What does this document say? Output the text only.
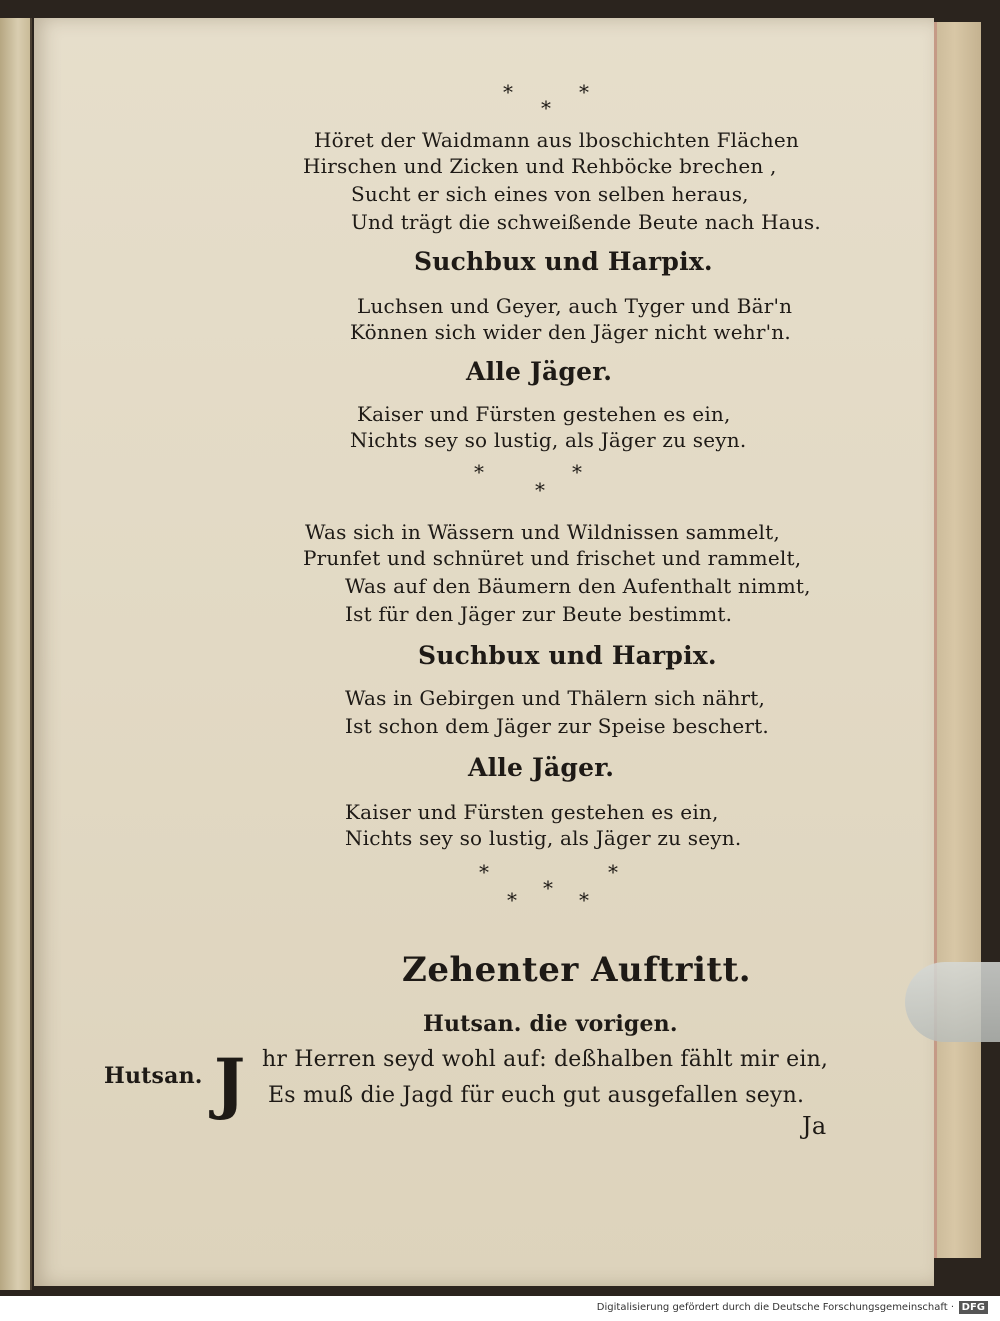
*	*
*
Höret der Waidmann aus lboschichten Flächen
Hirschen und Zicken und Rehböcke brechen ,
Sucht er sich eines von selben heraus,
Und trägt die schweißende Beute nach Haus.
Suchbux und Harpix.
Luchsen und Geyer, auch Tyger und Bär'n
Können sich wider den Jäger nicht wehr'n.
Alle Jäger.
Kaiser und Fürsten gestehen es ein,
Nichts sey so lustig, als Jäger zu seyn.
*	*
*
Was sich in Wässern und Wildnissen sammelt,
Prunfet und schnüret und frischet und rammelt,
Was auf den Bäumern den Aufenthalt nimmt,
Ist für den Jäger zur Beute bestimmt.
Suchbux und Harpix.
Was in Gebirgen und Thälern sich nährt,
Ist schon dem Jäger zur Speise beschert.
Alle Jäger.
Kaiser und Fürsten gestehen es ein,
Nichts sey so lustig, als Jäger zu seyn.
*	*
* * *
Zehenter Auftritt.
Hutsan. die vorigen.
Hutsan. J hr Herren seyd wohl auf: deßhalben fählt mir ein,
Es muß die Jagd für euch gut ausgefallen seyn.
Ja
Digitalisierung gefördert durch die Deutsche Forschungsgemeinschaft · DFG
